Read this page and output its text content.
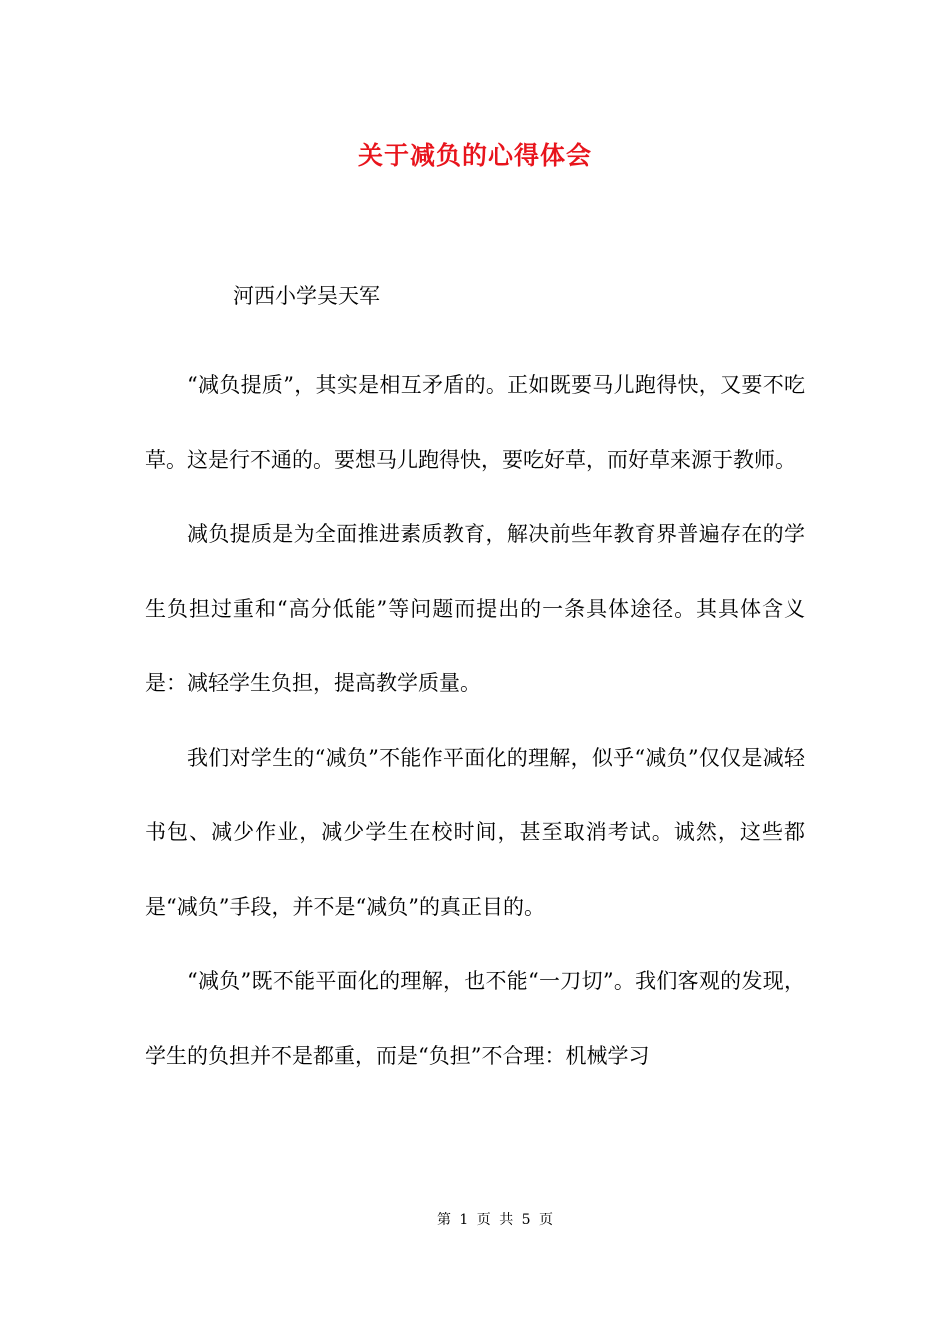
关于减负的心得体会
河西小学吴天军

“减负提质”，其实是相互矛盾的。正如既要马儿跑得快，又要不吃草。这是行不通的。要想马儿跑得快，要吃好草，而好草来源于教师。

减负提质是为全面推进素质教育，解决前些年教育界普遍存在的学生负担过重和“高分低能”等问题而提出的一条具体途径。其具体含义是：减轻学生负担，提高教学质量。

我们对学生的“减负”不能作平面化的理解，似乎“减负”仅仅是减轻书包、减少作业，减少学生在校时间，甚至取消考试。诚然，这些都是“减负”手段，并不是“减负”的真正目的。

“减负”既不能平面化的理解，也不能“一刀切”。我们客观的发现，学生的负担并不是都重，而是“负担”不合理：机械学习

第 1 页 共 5 页
